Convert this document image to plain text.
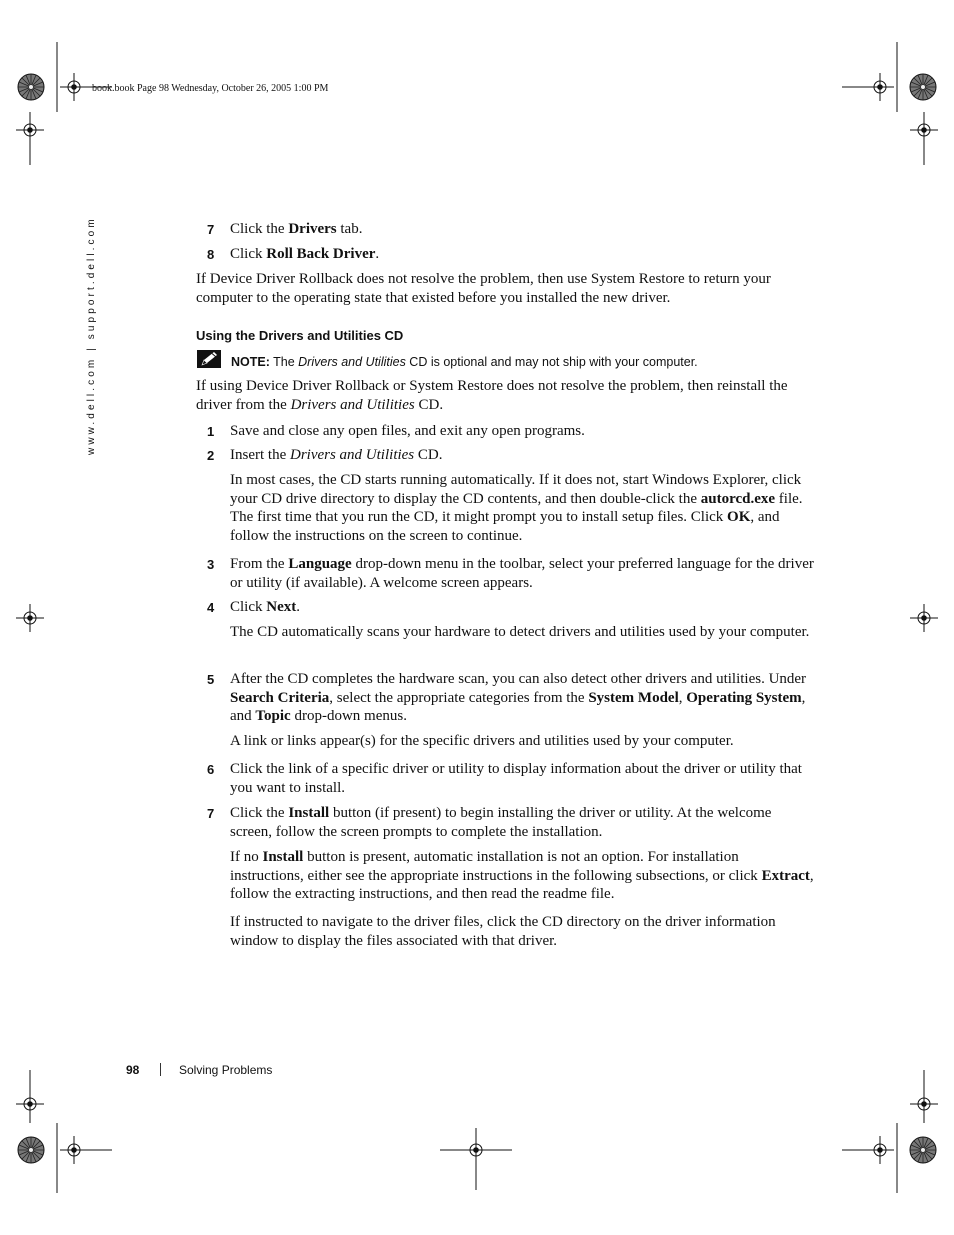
book.book Page 98 Wednesday, October 26, 2005 1:00 PM
www.dell.com | support.dell.com	7 Click the Drivers tab.
8 Click Roll Back Driver.
If Device Driver Rollback does not resolve the problem, then use System Restore to return your computer to the operating state that existed before you installed the new driver.
Using the Drivers and Utilities CD
NOTE: The Drivers and Utilities CD is optional and may not ship with your computer.
If using Device Driver Rollback or System Restore does not resolve the problem, then reinstall the driver from the Drivers and Utilities CD.
1 Save and close any open files, and exit any open programs.
2 Insert the Drivers and Utilities CD.
In most cases, the CD starts running automatically. If it does not, start Windows Explorer, click your CD drive directory to display the CD contents, and then double-click the autorcd.exe file. The first time that you run the CD, it might prompt you to install setup files. Click OK, and follow the instructions on the screen to continue.
3 From the Language drop-down menu in the toolbar, select your preferred language for the driver or utility (if available). A welcome screen appears.
4 Click Next.
The CD automatically scans your hardware to detect drivers and utilities used by your computer.
5 After the CD completes the hardware scan, you can also detect other drivers and utilities. Under Search Criteria, select the appropriate categories from the System Model, Operating System, and Topic drop-down menus.
A link or links appear(s) for the specific drivers and utilities used by your computer.
6 Click the link of a specific driver or utility to display information about the driver or utility that you want to install.
7 Click the Install button (if present) to begin installing the driver or utility. At the welcome screen, follow the screen prompts to complete the installation.
If no Install button is present, automatic installation is not an option. For installation instructions, either see the appropriate instructions in the following subsections, or click Extract, follow the extracting instructions, and then read the readme file.
If instructed to navigate to the driver files, click the CD directory on the driver information window to display the files associated with that driver.
98	Solving Problems
